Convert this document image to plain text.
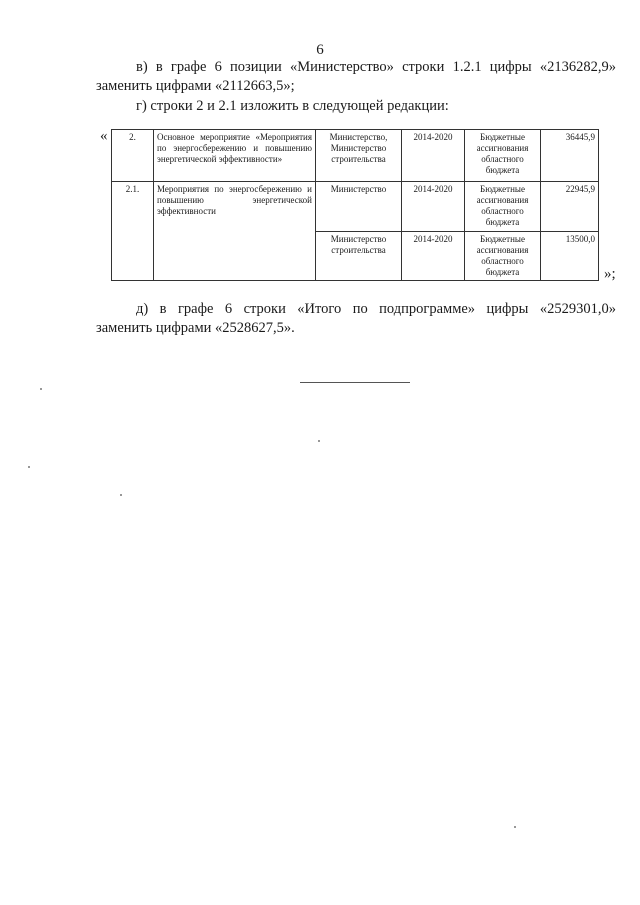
6
в) в графе 6 позиции «Министерство» строки 1.2.1 цифры «2136282,9»
заменить цифрами «2112663,5»;
г) строки 2 и 2.1 изложить в следующей редакции:
« 2.	Основное мероприятие «Мероприятия по энергосбережению и повышению энергетической эффективности»	Министерство, Министерство строительства	2014-2020	Бюджетные ассигнования областного бюджета	36445,9
2.1.	Мероприятия по энергосбережению и повышению энергетической эффективности	Министерство	2014-2020	Бюджетные ассигнования областного бюджета	22945,9
		Министерство строительства	2014-2020	Бюджетные ассигнования областного бюджета	13500,0
»;
д) в графе 6 строки «Итого по подпрограмме» цифры «2529301,0»
заменить цифрами «2528627,5».
